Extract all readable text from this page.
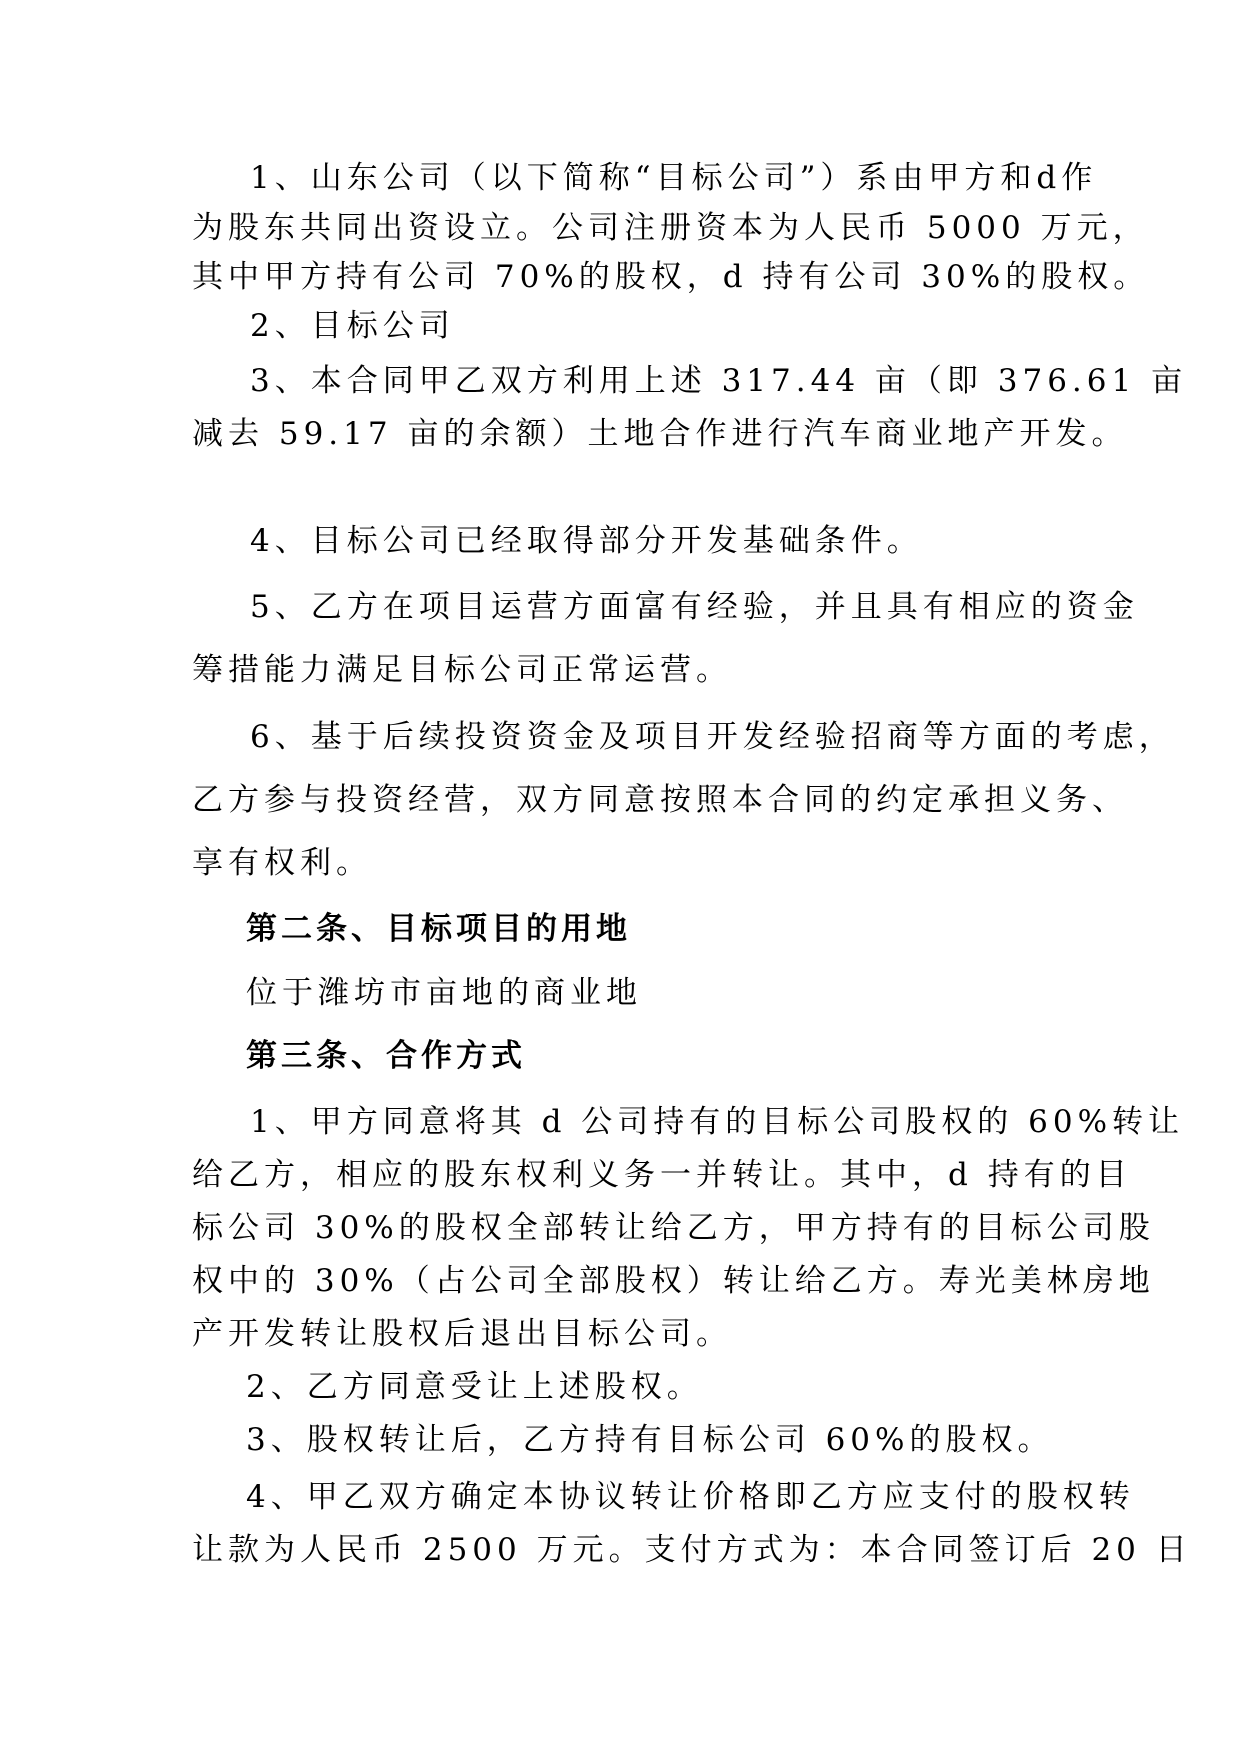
1、山东公司（以下简称“目标公司”）系由甲方和d作
为股东共同出资设立。公司注册资本为人民币 5000 万元，
其中甲方持有公司 70%的股权，d 持有公司 30%的股权。
2、目标公司
3、本合同甲乙双方利用上述 317.44 亩（即 376.61 亩
减去 59.17 亩的余额）土地合作进行汽车商业地产开发。
4、目标公司已经取得部分开发基础条件。
5、乙方在项目运营方面富有经验，并且具有相应的资金
筹措能力满足目标公司正常运营。
6、基于后续投资资金及项目开发经验招商等方面的考虑，
乙方参与投资经营，双方同意按照本合同的约定承担义务、
享有权利。
第二条、目标项目的用地
位于潍坊市亩地的商业地
第三条、合作方式
1、甲方同意将其 d 公司持有的目标公司股权的 60%转让
给乙方，相应的股东权利义务一并转让。其中，d 持有的目
标公司 30%的股权全部转让给乙方，甲方持有的目标公司股
权中的 30%（占公司全部股权）转让给乙方。寿光美林房地
产开发转让股权后退出目标公司。
2、乙方同意受让上述股权。
3、股权转让后，乙方持有目标公司 60%的股权。
4、甲乙双方确定本协议转让价格即乙方应支付的股权转
让款为人民币 2500 万元。支付方式为：本合同签订后 20 日
